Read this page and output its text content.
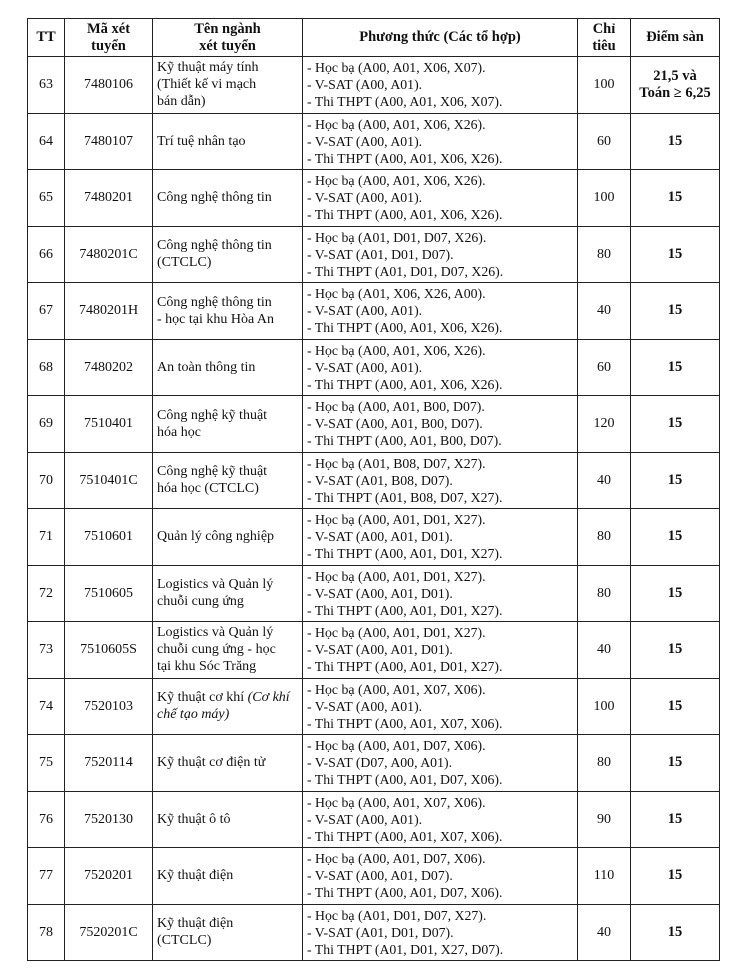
TT	Mã xét
tuyển	Tên ngành
xét tuyển	Phương thức (Các tổ hợp)	Chỉ
tiêu	Điểm sàn
63	7480106	Kỹ thuật máy tính
(Thiết kế vi mạch
bán dẫn)	- Học bạ (A00, A01, X06, X07).
- V-SAT (A00, A01).
- Thi THPT (A00, A01, X06, X07).	100	21,5 và
Toán ≥ 6,25

64	7480107	Trí tuệ nhân tạo	- Học bạ (A00, A01, X06, X26).
- V-SAT (A00, A01).
- Thi THPT (A00, A01, X06, X26).	60	15

65	7480201	Công nghệ thông tin	- Học bạ (A00, A01, X06, X26).
- V-SAT (A00, A01).
- Thi THPT (A00, A01, X06, X26).	100	15

66	7480201C	Công nghệ thông tin
(CTCLC)	- Học bạ (A01, D01, D07, X26).
- V-SAT (A01, D01, D07).
- Thi THPT (A01, D01, D07, X26).	80	15

67	7480201H	Công nghệ thông tin
- học tại khu Hòa An	- Học bạ (A01, X06, X26, A00).
- V-SAT (A00, A01).
- Thi THPT (A00, A01, X06, X26).	40	15

68	7480202	An toàn thông tin	- Học bạ (A00, A01, X06, X26).
- V-SAT (A00, A01).
- Thi THPT (A00, A01, X06, X26).	60	15

69	7510401	Công nghệ kỹ thuật
hóa học	- Học bạ (A00, A01, B00, D07).
- V-SAT (A00, A01, B00, D07).
- Thi THPT (A00, A01, B00, D07).	120	15

70	7510401C	Công nghệ kỹ thuật
hóa học (CTCLC)	- Học bạ (A01, B08, D07, X27).
- V-SAT (A01, B08, D07).
- Thi THPT (A01, B08, D07, X27).	40	15

71	7510601	Quản lý công nghiệp	- Học bạ (A00, A01, D01, X27).
- V-SAT (A00, A01, D01).
- Thi THPT (A00, A01, D01, X27).	80	15

72	7510605	Logistics và Quản lý
chuỗi cung ứng	- Học bạ (A00, A01, D01, X27).
- V-SAT (A00, A01, D01).
- Thi THPT (A00, A01, D01, X27).	80	15

73	7510605S	Logistics và Quản lý
chuỗi cung ứng - học
tại khu Sóc Trăng	- Học bạ (A00, A01, D01, X27).
- V-SAT (A00, A01, D01).
- Thi THPT (A00, A01, D01, X27).	40	15

74	7520103	Kỹ thuật cơ khí (Cơ khí chế tạo máy)	- Học bạ (A00, A01, X07, X06).
- V-SAT (A00, A01).
- Thi THPT (A00, A01, X07, X06).	100	15

75	7520114	Kỹ thuật cơ điện tử	- Học bạ (A00, A01, D07, X06).
- V-SAT (D07, A00, A01).
- Thi THPT (A00, A01, D07, X06).	80	15

76	7520130	Kỹ thuật ô tô	- Học bạ (A00, A01, X07, X06).
- V-SAT (A00, A01).
- Thi THPT (A00, A01, X07, X06).	90	15

77	7520201	Kỹ thuật điện	- Học bạ (A00, A01, D07, X06).
- V-SAT (A00, A01, D07).
- Thi THPT (A00, A01, D07, X06).	110	15

78	7520201C	Kỹ thuật điện
(CTCLC)	- Học bạ (A01, D01, D07, X27).
- V-SAT (A01, D01, D07).
- Thi THPT (A01, D01, X27, D07).	40	15
